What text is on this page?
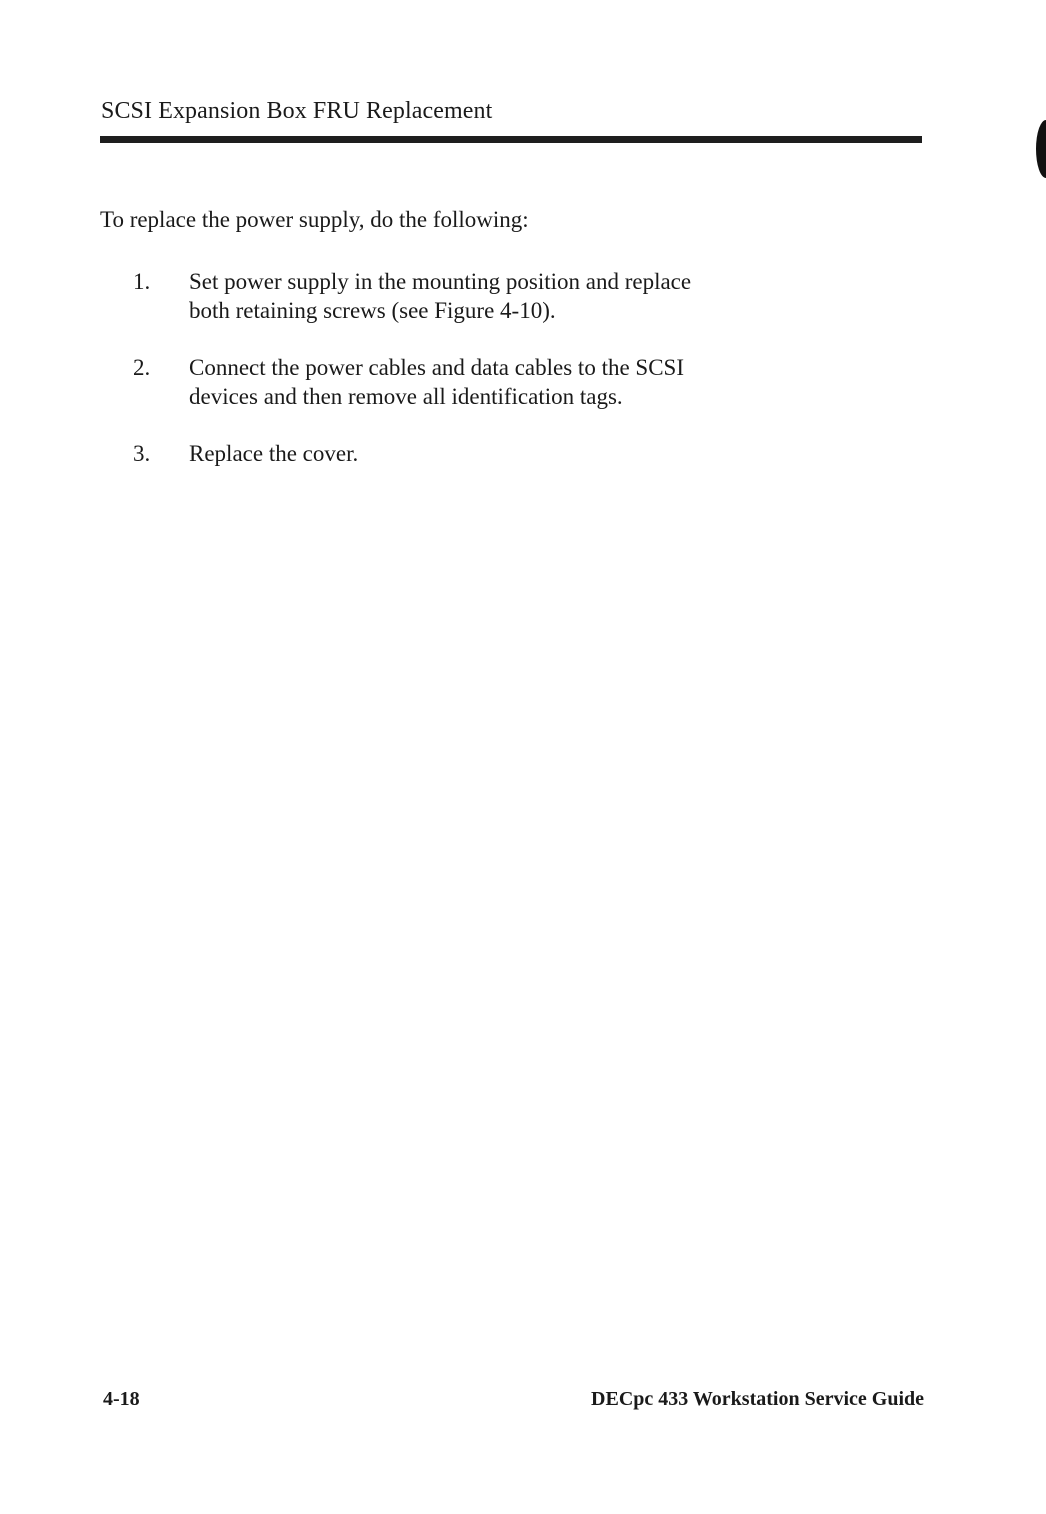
SCSI Expansion Box FRU Replacement
To replace the power supply, do the following:
1.	Set power supply in the mounting position and replace
both retaining screws (see Figure 4-10).
2.	Connect the power cables and data cables to the SCSI
devices and then remove all identification tags.
3.	Replace the cover.
4-18	DECpc 433 Workstation Service Guide
